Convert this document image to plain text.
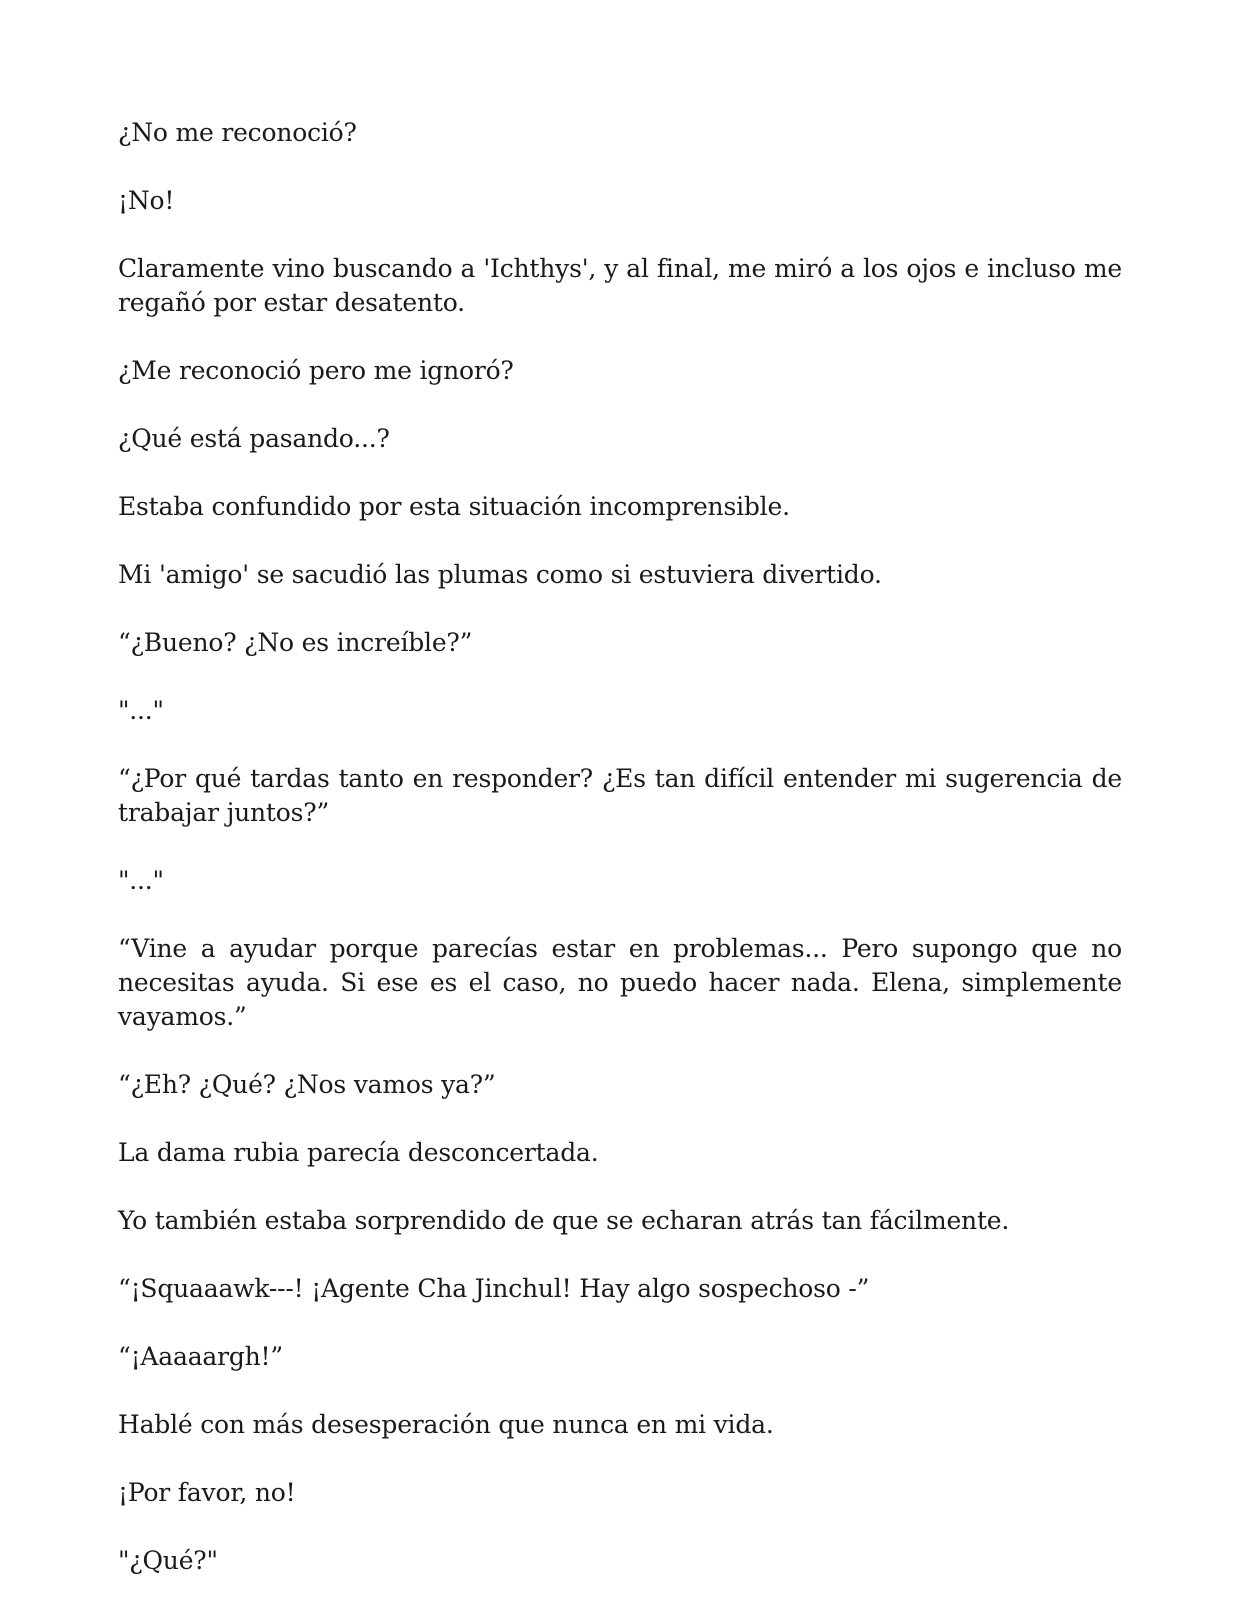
¿No me reconoció?

¡No!

Claramente vino buscando a 'Ichthys', y al final, me miró a los ojos e incluso me regañó por estar desatento.

¿Me reconoció pero me ignoró?

¿Qué está pasando...?

Estaba confundido por esta situación incomprensible.

Mi 'amigo' se sacudió las plumas como si estuviera divertido.

“¿Bueno? ¿No es increíble?”

"..."

“¿Por qué tardas tanto en responder? ¿Es tan difícil entender mi sugerencia de trabajar juntos?”

"..."

“Vine a ayudar porque parecías estar en problemas... Pero supongo que no necesitas ayuda. Si ese es el caso, no puedo hacer nada. Elena, simplemente vayamos.”

“¿Eh? ¿Qué? ¿Nos vamos ya?”

La dama rubia parecía desconcertada.

Yo también estaba sorprendido de que se echaran atrás tan fácilmente.

“¡Squaaawk---! ¡Agente Cha Jinchul! Hay algo sospechoso -”

“¡Aaaaargh!”

Hablé con más desesperación que nunca en mi vida.

¡Por favor, no!

"¿Qué?"
